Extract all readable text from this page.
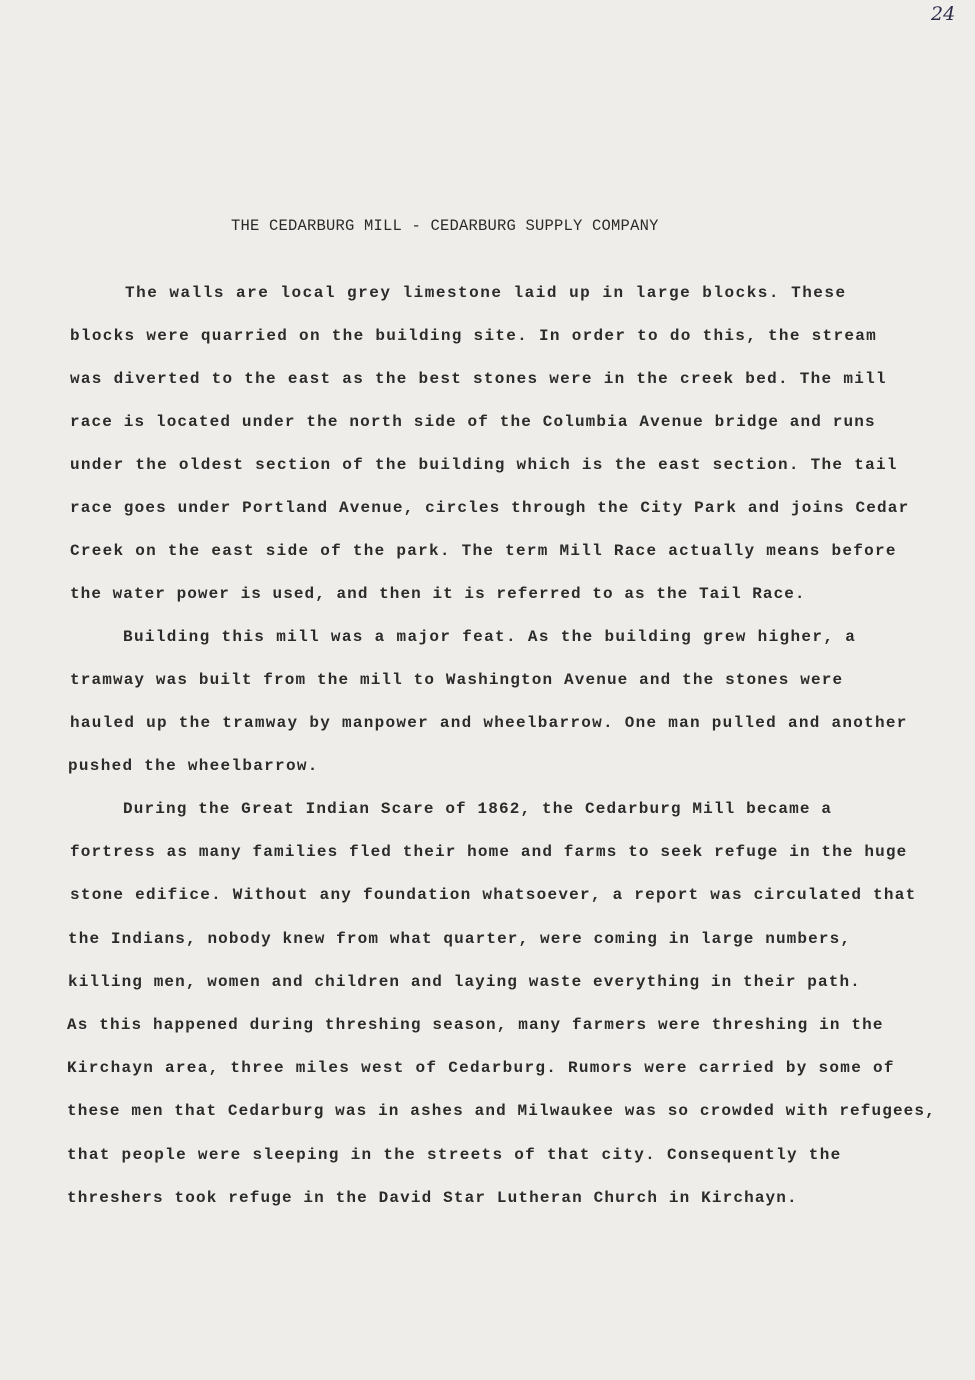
24
THE CEDARBURG MILL - CEDARBURG SUPPLY COMPANY
The walls are local grey limestone laid up in large blocks. These
blocks were quarried on the building site. In order to do this, the stream
was diverted to the east as the best stones were in the creek bed. The mill
race is located under the north side of the Columbia Avenue bridge and runs
under the oldest section of the building which is the east section. The tail
race goes under Portland Avenue, circles through the City Park and joins Cedar
Creek on the east side of the park. The term Mill Race actually means before
the water power is used, and then it is referred to as the Tail Race.
Building this mill was a major feat. As the building grew higher, a
tramway was built from the mill to Washington Avenue and the stones were
hauled up the tramway by manpower and wheelbarrow. One man pulled and another
pushed the wheelbarrow.
During the Great Indian Scare of 1862, the Cedarburg Mill became a
fortress as many families fled their home and farms to seek refuge in the huge
stone edifice. Without any foundation whatsoever, a report was circulated that
the Indians, nobody knew from what quarter, were coming in large numbers,
killing men, women and children and laying waste everything in their path.
As this happened during threshing season, many farmers were threshing in the
Kirchayn area, three miles west of Cedarburg. Rumors were carried by some of
these men that Cedarburg was in ashes and Milwaukee was so crowded with refugees,
that people were sleeping in the streets of that city. Consequently the
threshers took refuge in the David Star Lutheran Church in Kirchayn.
